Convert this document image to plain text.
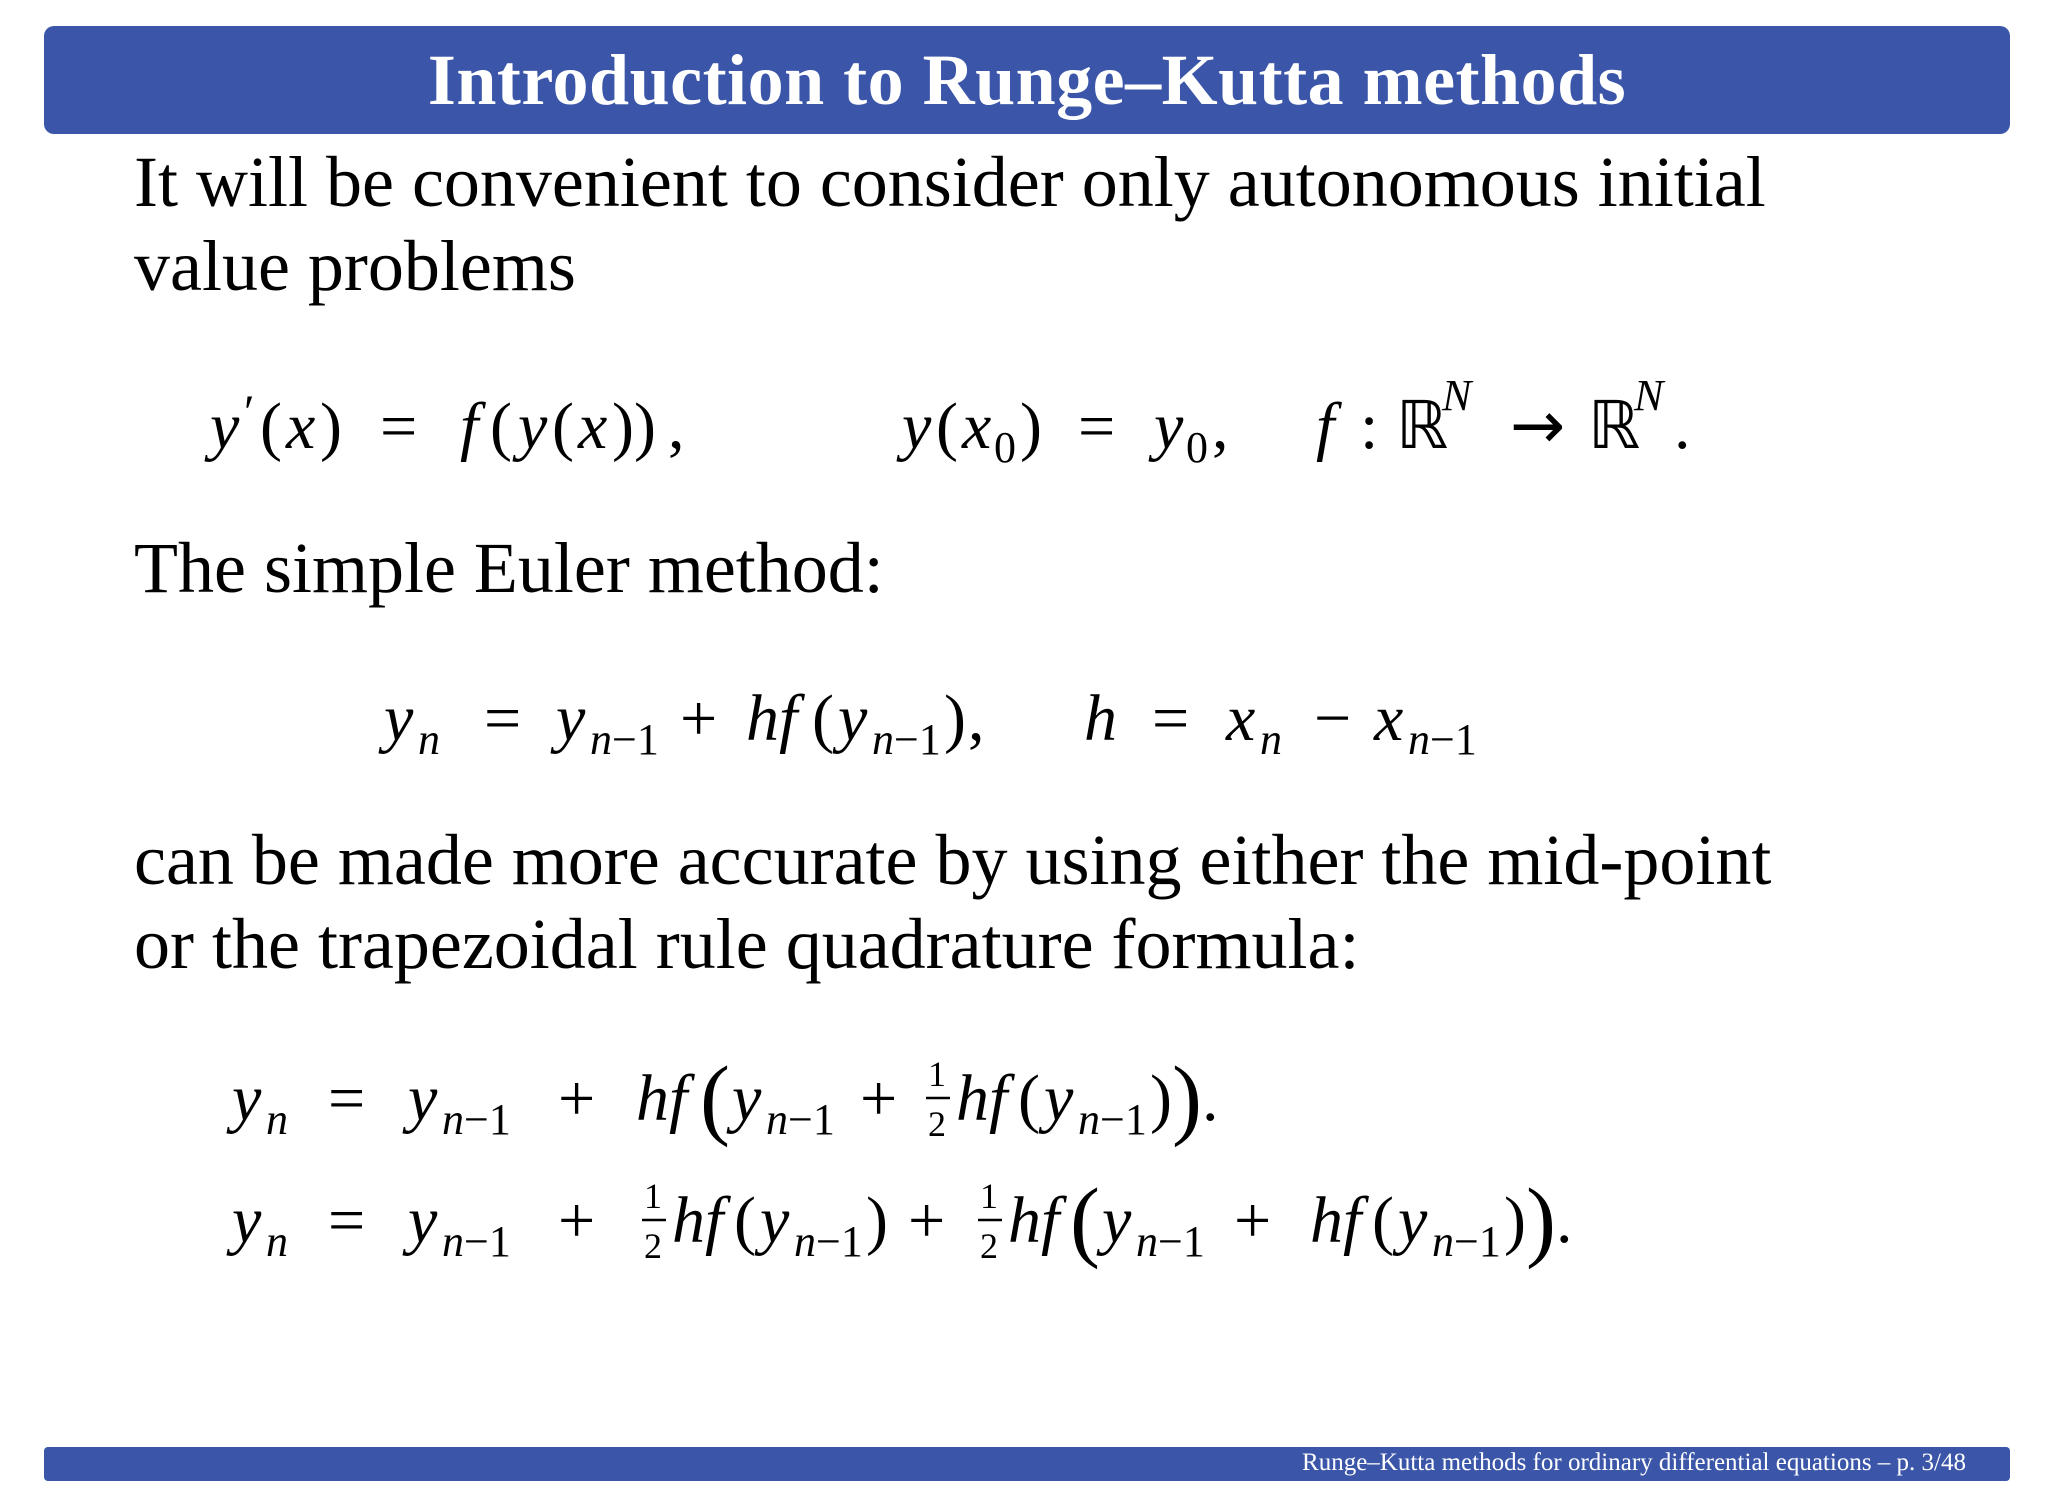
Introduction to Runge–Kutta methods

It will be convenient to consider only autonomous initial
value problems

y ′ ( x ) = f ( y ( x )) ,	y ( x 0 ) = y 0 , f : ℝ
N → ℝ
N .

The simple Euler method:

y n = y n −1 + hf ( y n −1 ) , h = x n − x n −1

can be made more accurate by using either the mid-point
or the trapezoidal rule quadrature formula:

y n = y n −1 + hf ( y n −1 + 1
2 hf ( y n −1 ) ) .
y n = y n −1 + 1
2 hf ( y n −1 ) + 1
2 hf ( y n −1 + hf ( y n −1 ) ) .
Runge–Kutta methods for ordinary differential equations – p. 3/48
